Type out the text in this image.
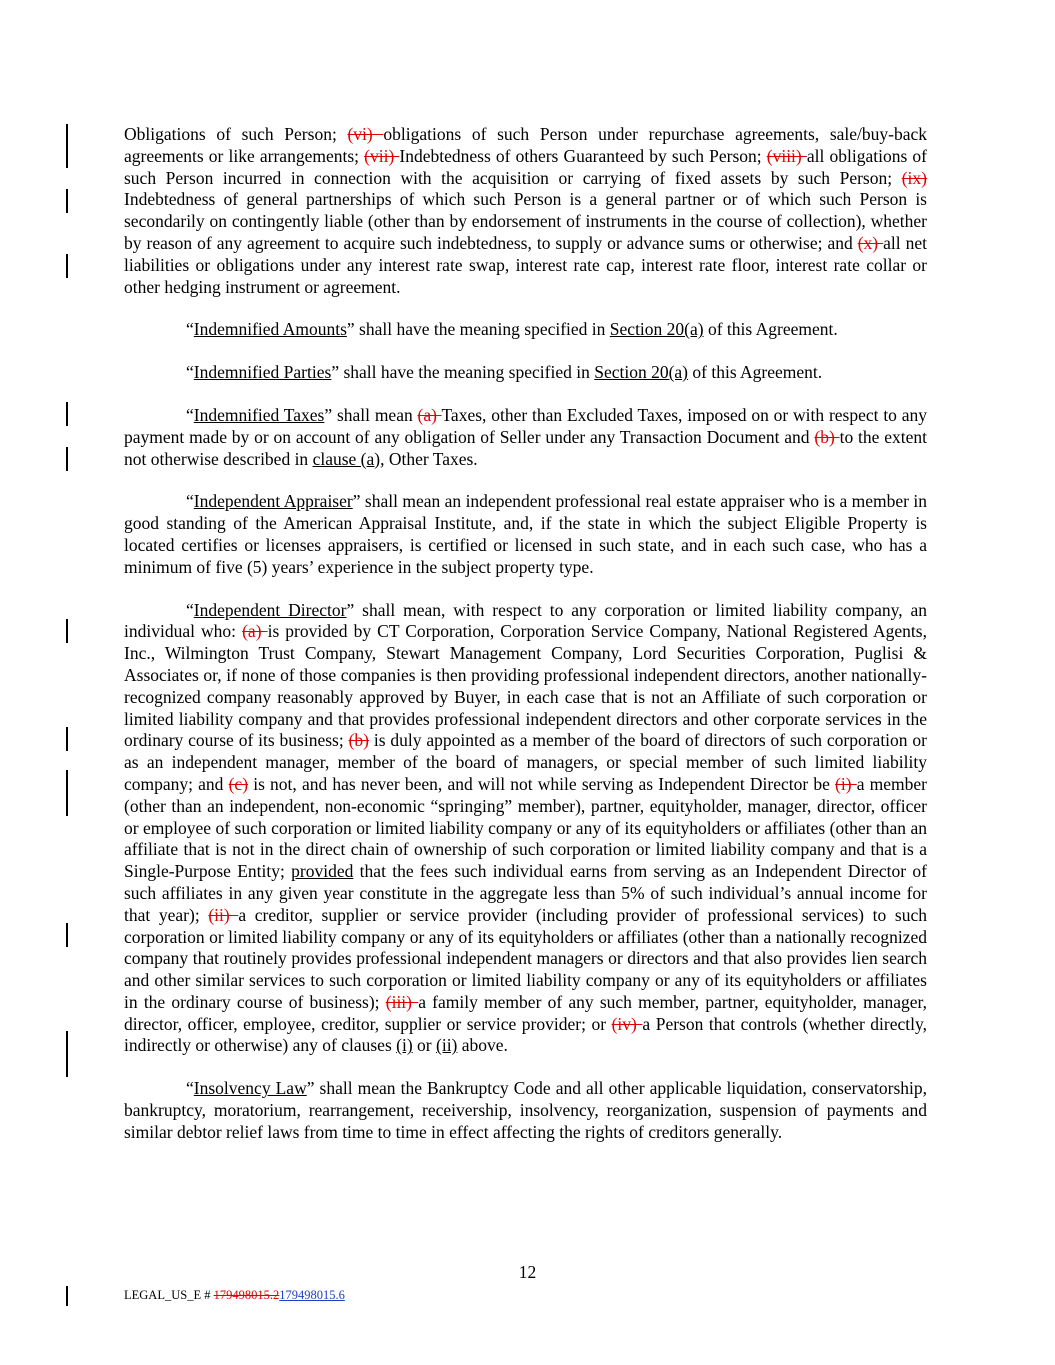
Obligations of such Person; (vi) obligations of such Person under repurchase agreements, sale/buy-back agreements or like arrangements; (vii) Indebtedness of others Guaranteed by such Person; (viii) all obligations of such Person incurred in connection with the acquisition or carrying of fixed assets by such Person; (ix) Indebtedness of general partnerships of which such Person is a general partner or of which such Person is secondarily on contingently liable (other than by endorsement of instruments in the course of collection), whether by reason of any agreement to acquire such indebtedness, to supply or advance sums or otherwise; and (x) all net liabilities or obligations under any interest rate swap, interest rate cap, interest rate floor, interest rate collar or other hedging instrument or agreement.

“Indemnified Amounts” shall have the meaning specified in Section 20(a) of this Agreement.

“Indemnified Parties” shall have the meaning specified in Section 20(a) of this Agreement.

“Indemnified Taxes” shall mean (a) Taxes, other than Excluded Taxes, imposed on or with respect to any payment made by or on account of any obligation of Seller under any Transaction Document and (b) to the extent not otherwise described in clause (a), Other Taxes.

“Independent Appraiser” shall mean an independent professional real estate appraiser who is a member in good standing of the American Appraisal Institute, and, if the state in which the subject Eligible Property is located certifies or licenses appraisers, is certified or licensed in such state, and in each such case, who has a minimum of five (5) years’ experience in the subject property type.

“Independent Director” shall mean, with respect to any corporation or limited liability company, an individual who: (a) is provided by CT Corporation, Corporation Service Company, National Registered Agents, Inc., Wilmington Trust Company, Stewart Management Company, Lord Securities Corporation, Puglisi & Associates or, if none of those companies is then providing professional independent directors, another nationally-recognized company reasonably approved by Buyer, in each case that is not an Affiliate of such corporation or limited liability company and that provides professional independent directors and other corporate services in the ordinary course of its business; (b) is duly appointed as a member of the board of directors of such corporation or as an independent manager, member of the board of managers, or special member of such limited liability company; and (c) is not, and has never been, and will not while serving as Independent Director be (i) a member (other than an independent, non-economic “springing” member), partner, equityholder, manager, director, officer or employee of such corporation or limited liability company or any of its equityholders or affiliates (other than an affiliate that is not in the direct chain of ownership of such corporation or limited liability company and that is a Single-Purpose Entity; provided that the fees such individual earns from serving as an Independent Director of such affiliates in any given year constitute in the aggregate less than 5% of such individual’s annual income for that year); (ii) a creditor, supplier or service provider (including provider of professional services) to such corporation or limited liability company or any of its equityholders or affiliates (other than a nationally recognized company that routinely provides professional independent managers or directors and that also provides lien search and other similar services to such corporation or limited liability company or any of its equityholders or affiliates in the ordinary course of business); (iii) a family member of any such member, partner, equityholder, manager, director, officer, employee, creditor, supplier or service provider; or (iv) a Person that controls (whether directly, indirectly or otherwise) any of clauses (i) or (ii) above.

“Insolvency Law” shall mean the Bankruptcy Code and all other applicable liquidation, conservatorship, bankruptcy, moratorium, rearrangement, receivership, insolvency, reorganization, suspension of payments and similar debtor relief laws from time to time in effect affecting the rights of creditors generally.

12
LEGAL_US_E # 179498015.2179498015.6
